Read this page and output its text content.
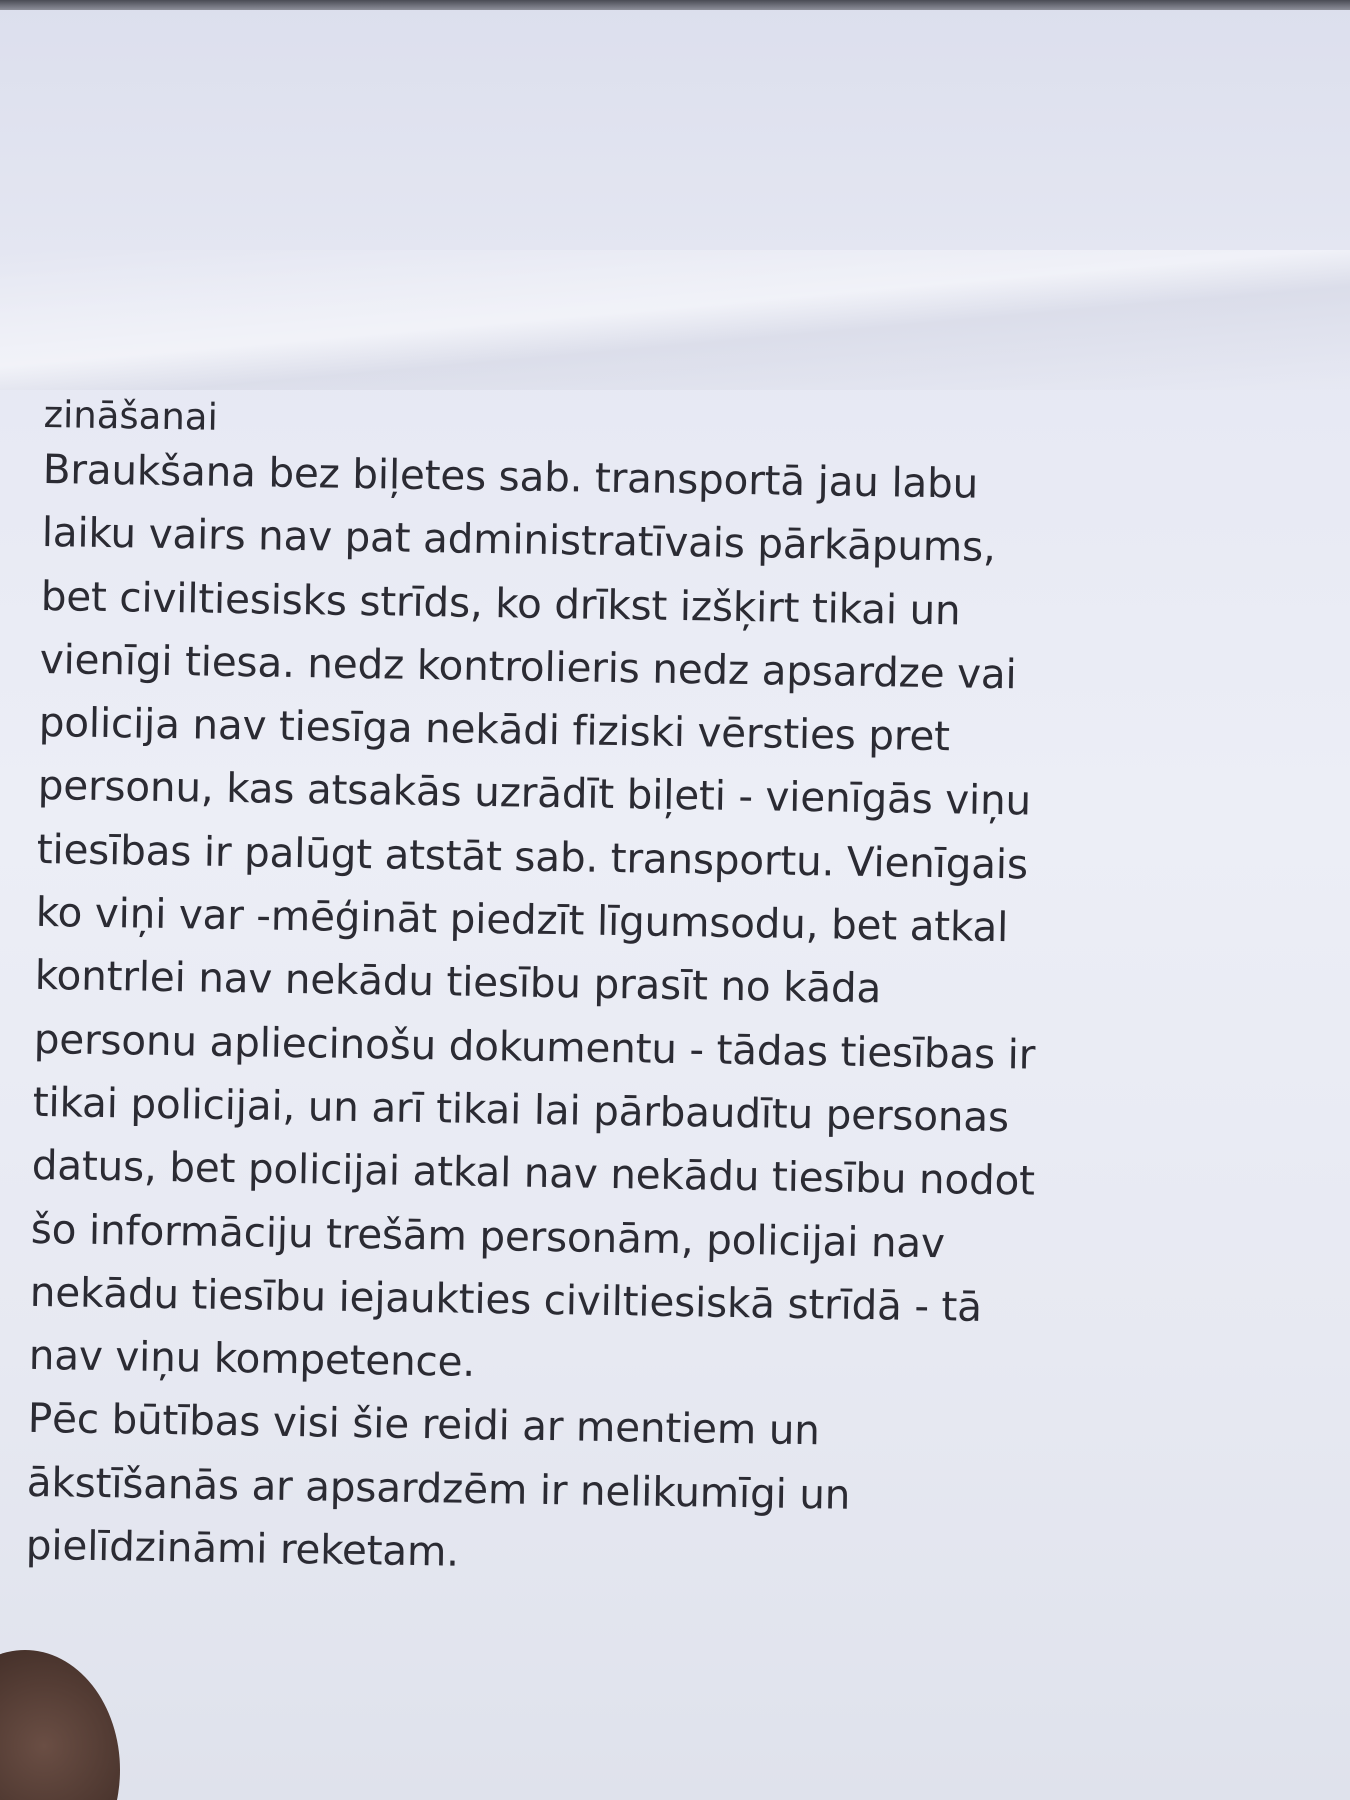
zināšanai

Braukšana bez biļetes sab. transportā jau labu

laiku vairs nav pat administratīvais pārkāpums,

bet civiltiesisks strīds, ko drīkst izšķirt tikai un

vienīgi tiesa. nedz kontrolieris nedz apsardze vai

policija nav tiesīga nekādi fiziski vērsties pret

personu, kas atsakās uzrādīt biļeti - vienīgās viņu

tiesības ir palūgt atstāt sab. transportu. Vienīgais

ko viņi var -mēģināt piedzīt līgumsodu, bet atkal

kontrlei nav nekādu tiesību prasīt no kāda

personu apliecinošu dokumentu - tādas tiesības ir

tikai policijai, un arī tikai lai pārbaudītu personas

datus, bet policijai atkal nav nekādu tiesību nodot

šo informāciju trešām personām, policijai nav

nekādu tiesību iejaukties civiltiesiskā strīdā - tā

nav viņu kompetence.

Pēc būtības visi šie reidi ar mentiem un

ākstīšanās ar apsardzēm ir nelikumīgi un

pielīdzināmi reketam.
